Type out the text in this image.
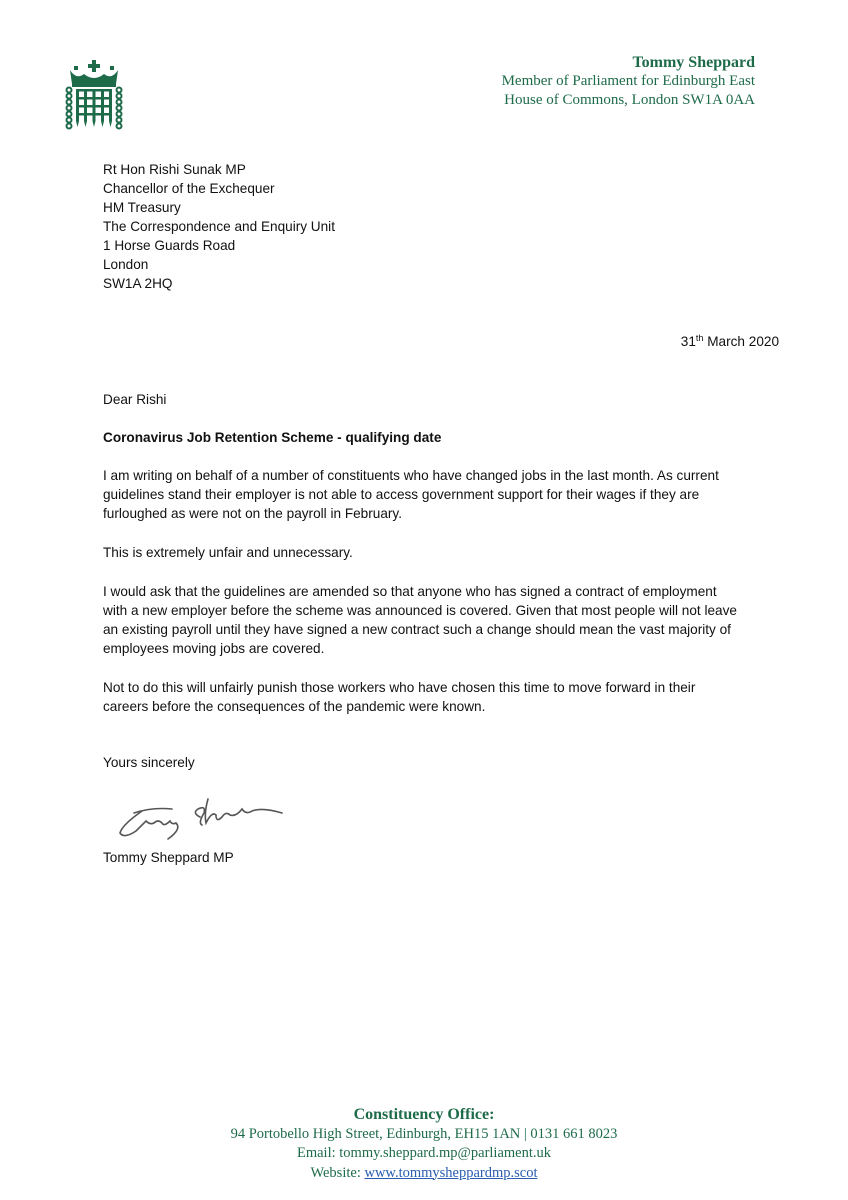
Tommy Sheppard
Member of Parliament for Edinburgh East
House of Commons, London SW1A 0AA
Rt Hon Rishi Sunak MP
Chancellor of the Exchequer
HM Treasury
The Correspondence and Enquiry Unit
1 Horse Guards Road
London
SW1A 2HQ
31th March 2020
Dear Rishi
Coronavirus Job Retention Scheme - qualifying date
I am writing on behalf of a number of constituents who have changed jobs in the last month. As current
guidelines stand their employer is not able to access government support for their wages if they are
furloughed as were not on the payroll in February.
This is extremely unfair and unnecessary.
I would ask that the guidelines are amended so that anyone who has signed a contract of employment
with a new employer before the scheme was announced is covered. Given that most people will not leave
an existing payroll until they have signed a new contract such a change should mean the vast majority of
employees moving jobs are covered.
Not to do this will unfairly punish those workers who have chosen this time to move forward in their
careers before the consequences of the pandemic were known.
Yours sincerely
Tommy Sheppard MP
Constituency Office:
94 Portobello High Street, Edinburgh, EH15 1AN | 0131 661 8023
Email: tommy.sheppard.mp@parliament.uk
Website: www.tommysheppardmp.scot
